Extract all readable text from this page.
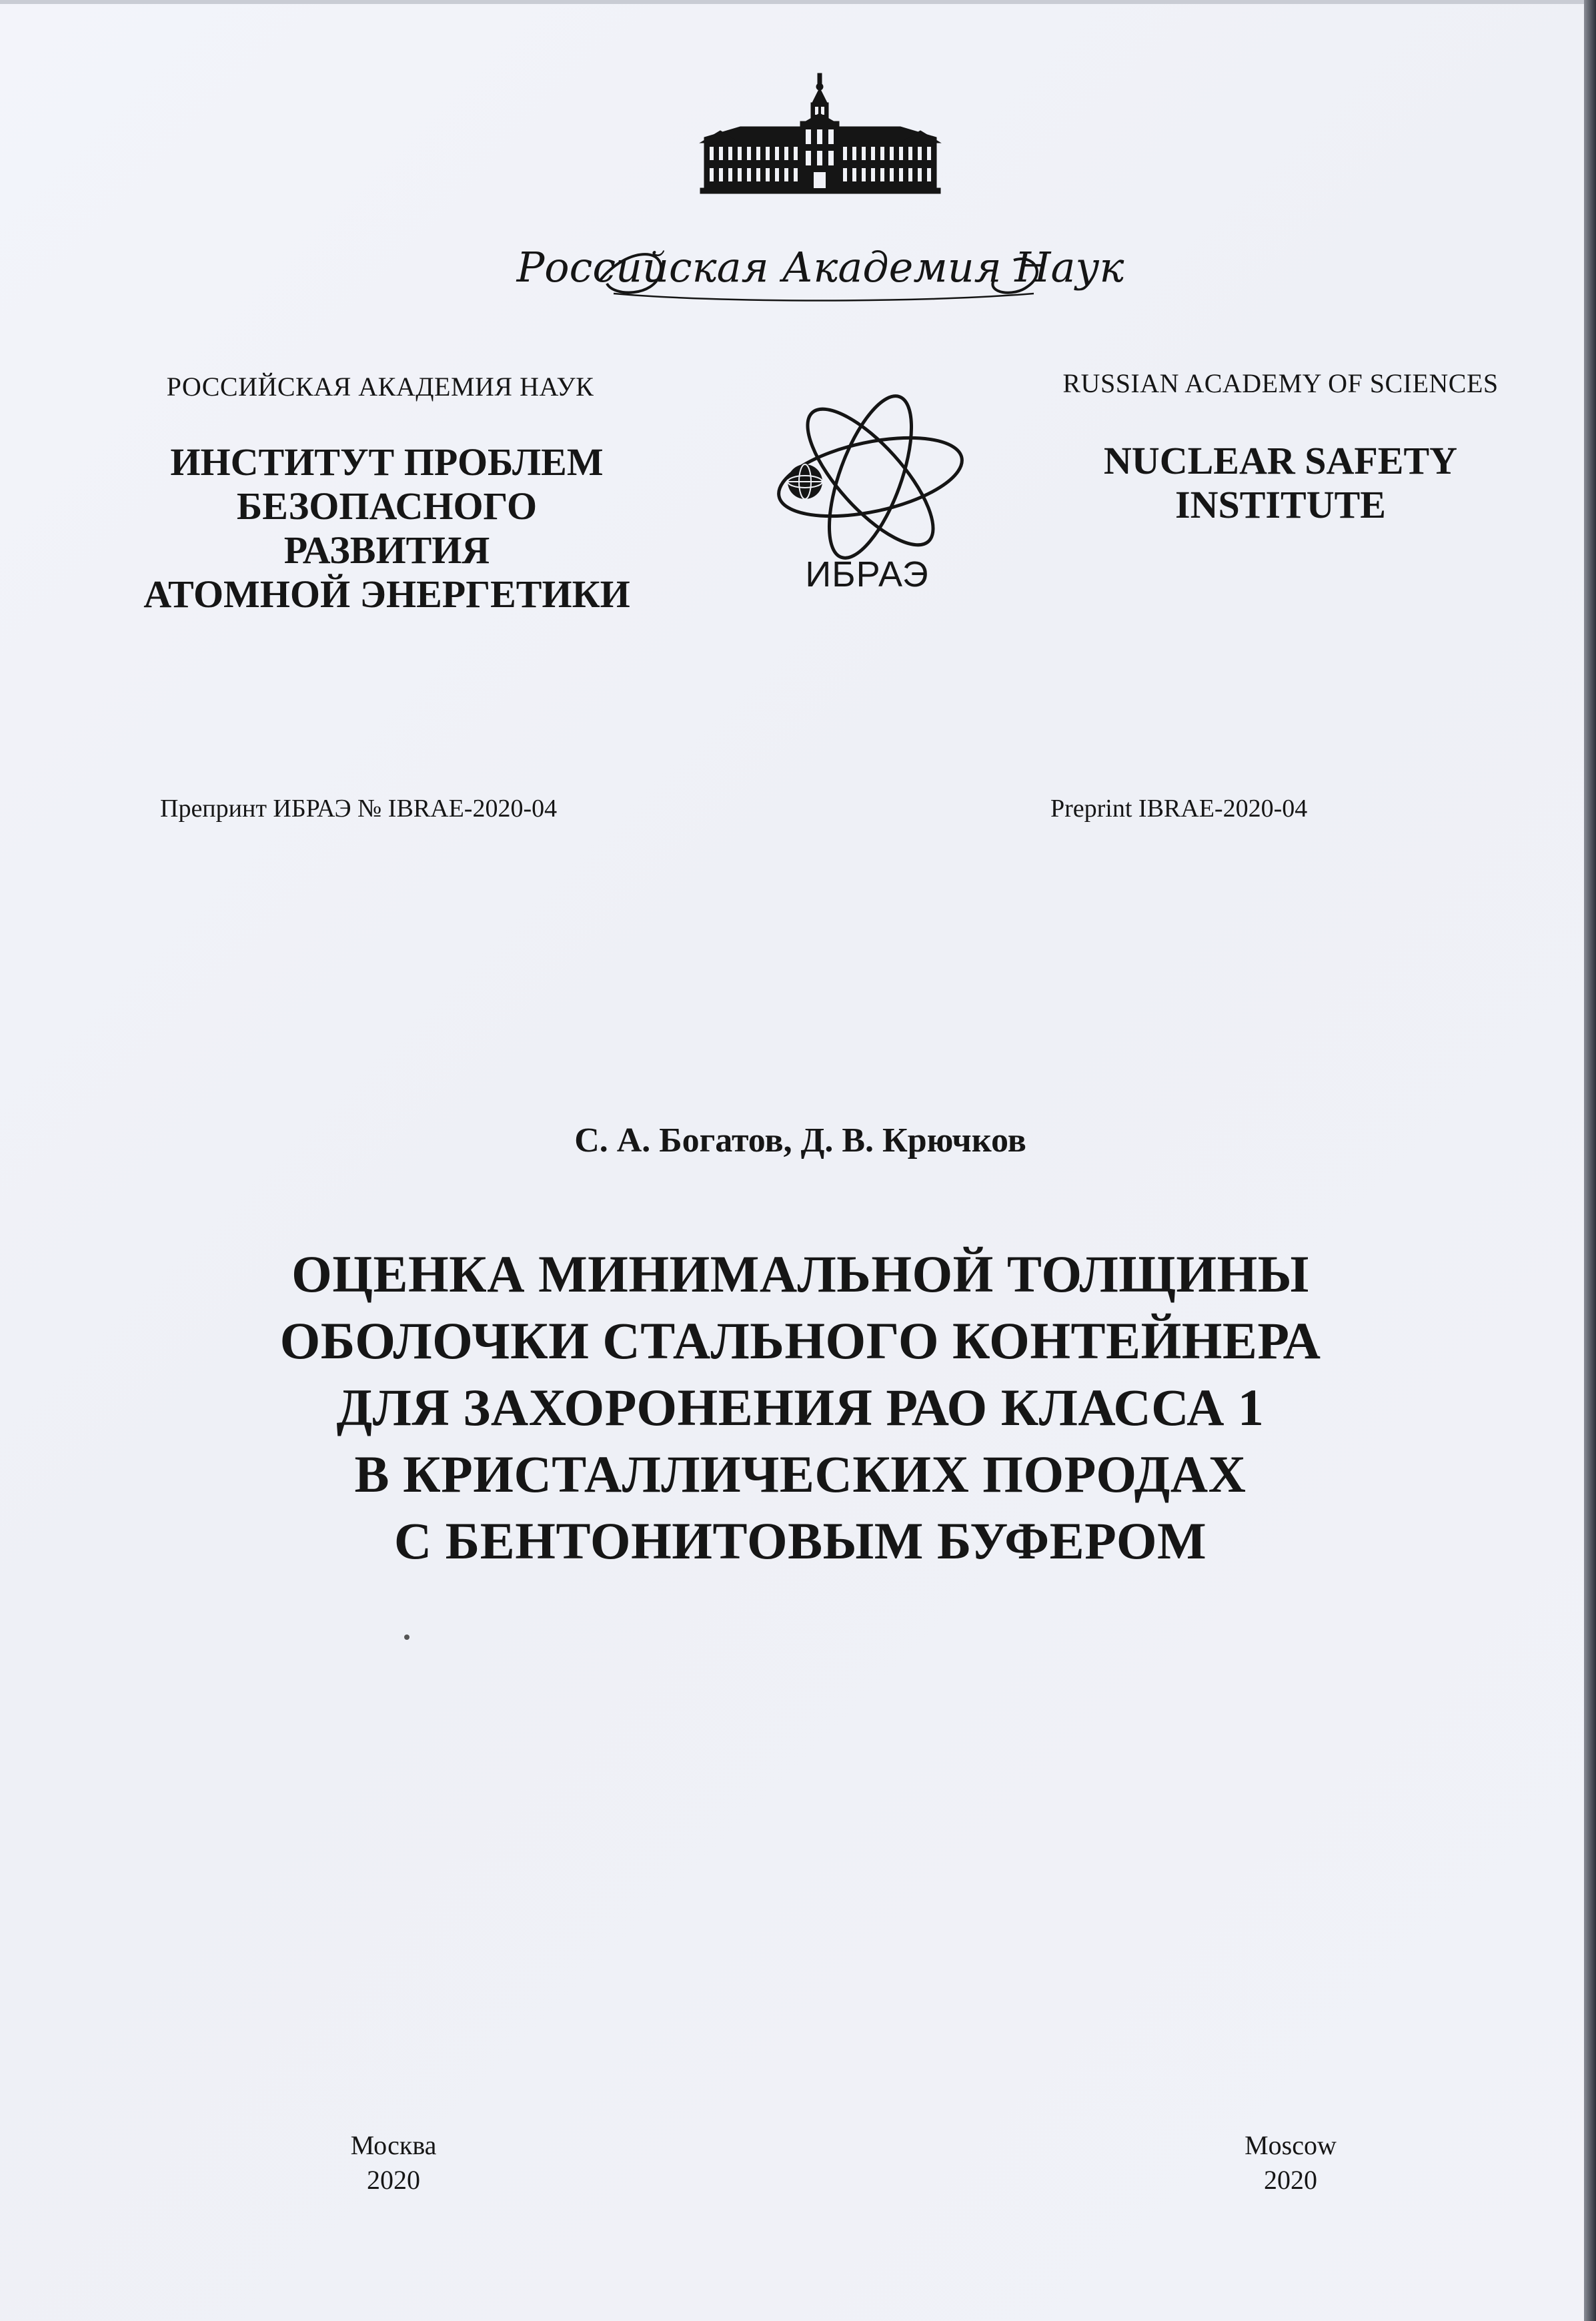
Российская Академия Наук
РОССИЙСКАЯ АКАДЕМИЯ НАУК	RUSSIAN ACADEMY OF SCIENCES
ИНСТИТУТ ПРОБЛЕМ
БЕЗОПАСНОГО РАЗВИТИЯ
АТОМНОЙ ЭНЕРГЕТИКИ
NUCLEAR SAFETY
INSTITUTE
ИБРАЭ
Препринт ИБРАЭ № IBRAE-2020-04	Preprint IBRAE-2020-04
С. А. Богатов, Д. В. Крючков
ОЦЕНКА МИНИМАЛЬНОЙ ТОЛЩИНЫ
ОБОЛОЧКИ СТАЛЬНОГО КОНТЕЙНЕРА
ДЛЯ ЗАХОРОНЕНИЯ РАО КЛАССА 1
В КРИСТАЛЛИЧЕСКИХ ПОРОДАХ
С БЕНТОНИТОВЫМ БУФЕРОМ
Москва
2020
Moscow
2020
